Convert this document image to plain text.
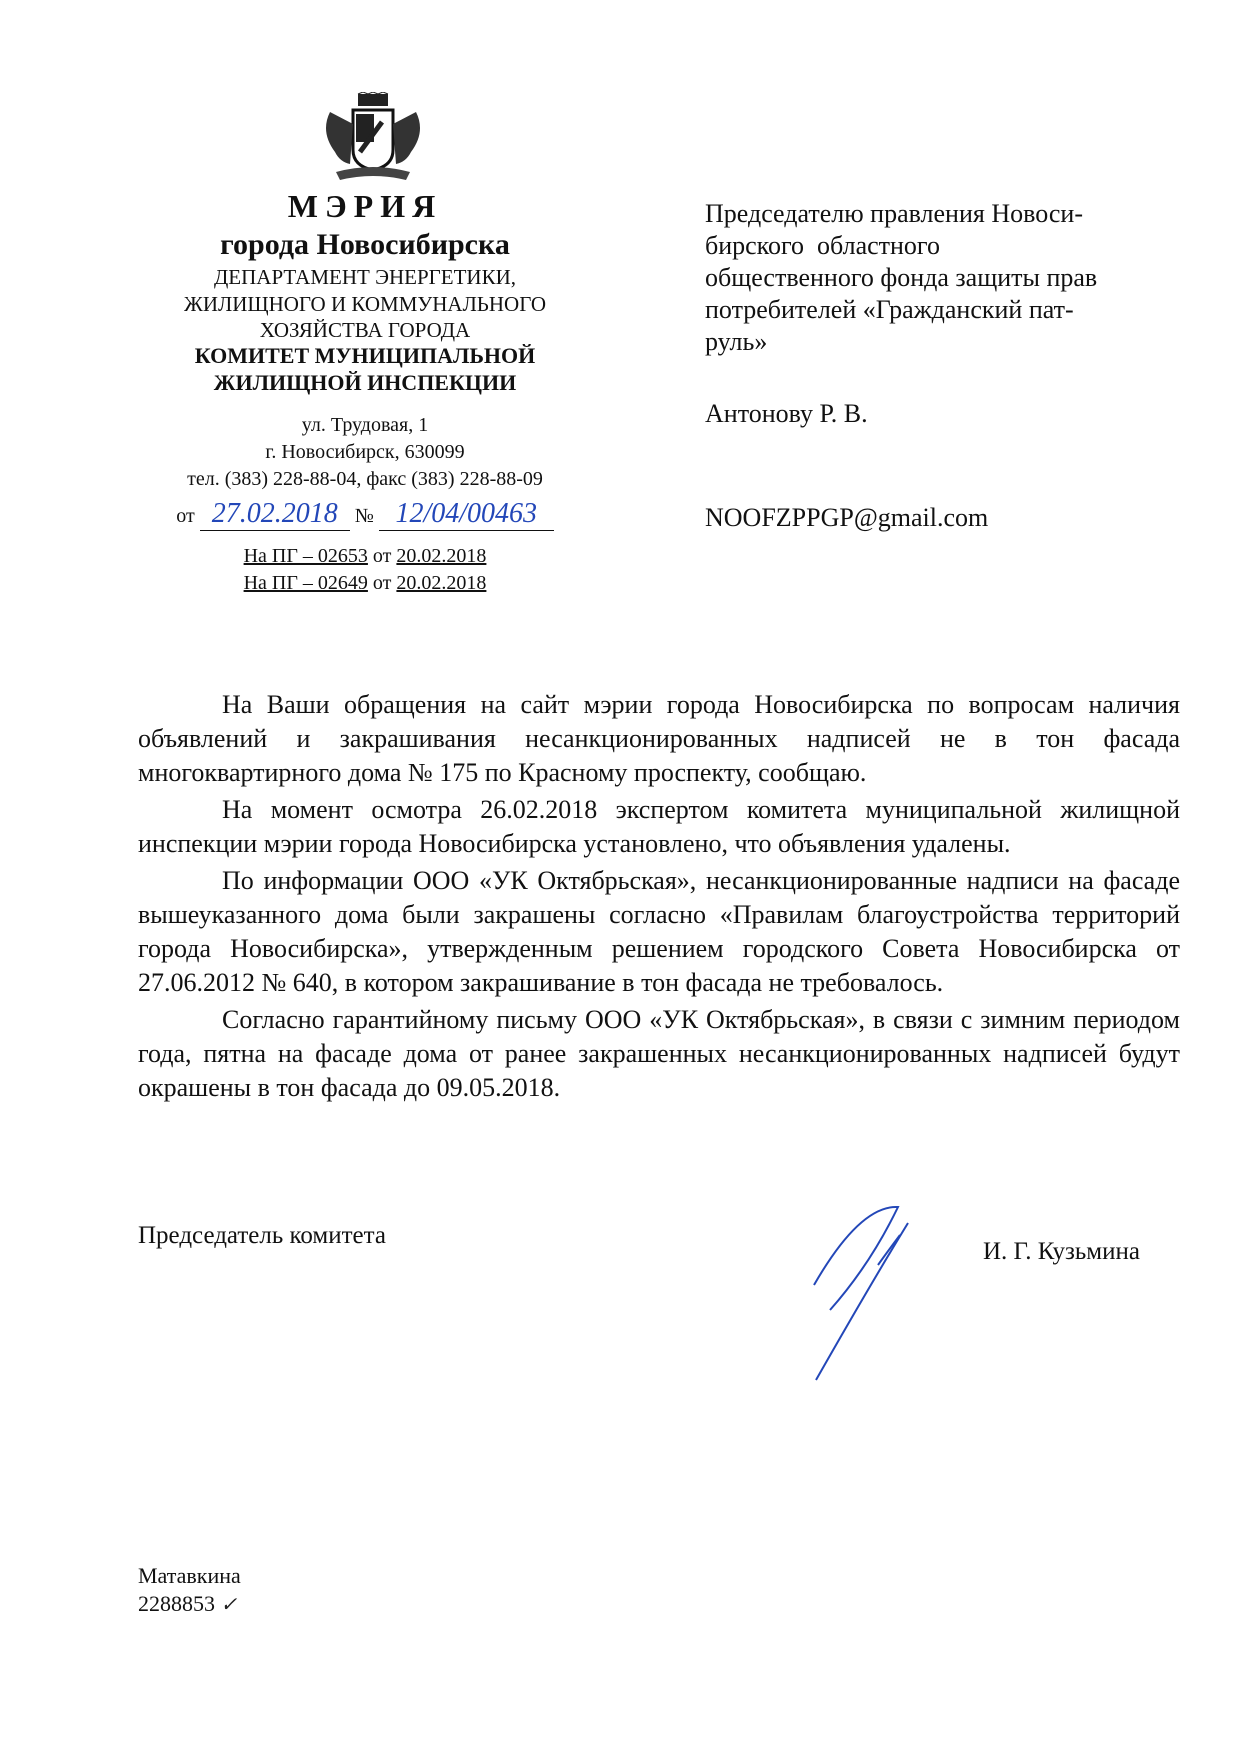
МЭРИЯ
города Новосибирска
ДЕПАРТАМЕНТ ЭНЕРГЕТИКИ,
ЖИЛИЩНОГО И КОММУНАЛЬНОГО
ХОЗЯЙСТВА ГОРОДА
КОМИТЕТ МУНИЦИПАЛЬНОЙ
ЖИЛИЩНОЙ ИНСПЕКЦИИ
ул. Трудовая, 1
г. Новосибирск, 630099
тел. (383) 228-88-04, факс (383) 228-88-09
от 27.02.2018 № 12/04/00463
На ПГ – 02653 от 20.02.2018
На ПГ – 02649 от 20.02.2018
Председателю правления Новоси-
бирского  областного
общественного фонда защиты прав
потребителей «Гражданский пат-
руль»
Антонову Р. В.
NOOFZPPGP@gmail.com

На Ваши обращения на сайт мэрии города Новосибирска по вопросам наличия объявлений и закрашивания несанкционированных надписей не в тон фасада многоквартирного дома № 175 по Красному проспекту, сообщаю.

На момент осмотра 26.02.2018 экспертом комитета муниципальной жилищной инспекции мэрии города Новосибирска установлено, что объявления удалены.

По информации ООО «УК Октябрьская», несанкционированные надписи на фасаде вышеуказанного дома были закрашены согласно «Правилам благоустройства территорий города Новосибирска», утвержденным решением городского Совета Новосибирска от 27.06.2012 № 640, в котором закрашивание в тон фасада не требовалось.

Согласно гарантийному письму ООО «УК Октябрьская», в связи с зимним периодом года, пятна на фасаде дома от ранее закрашенных несанкционированных надписей будут окрашены в тон фасада до 09.05.2018.

Председатель комитета
И. Г. Кузьмина
Матавкина
2288853 ✓
